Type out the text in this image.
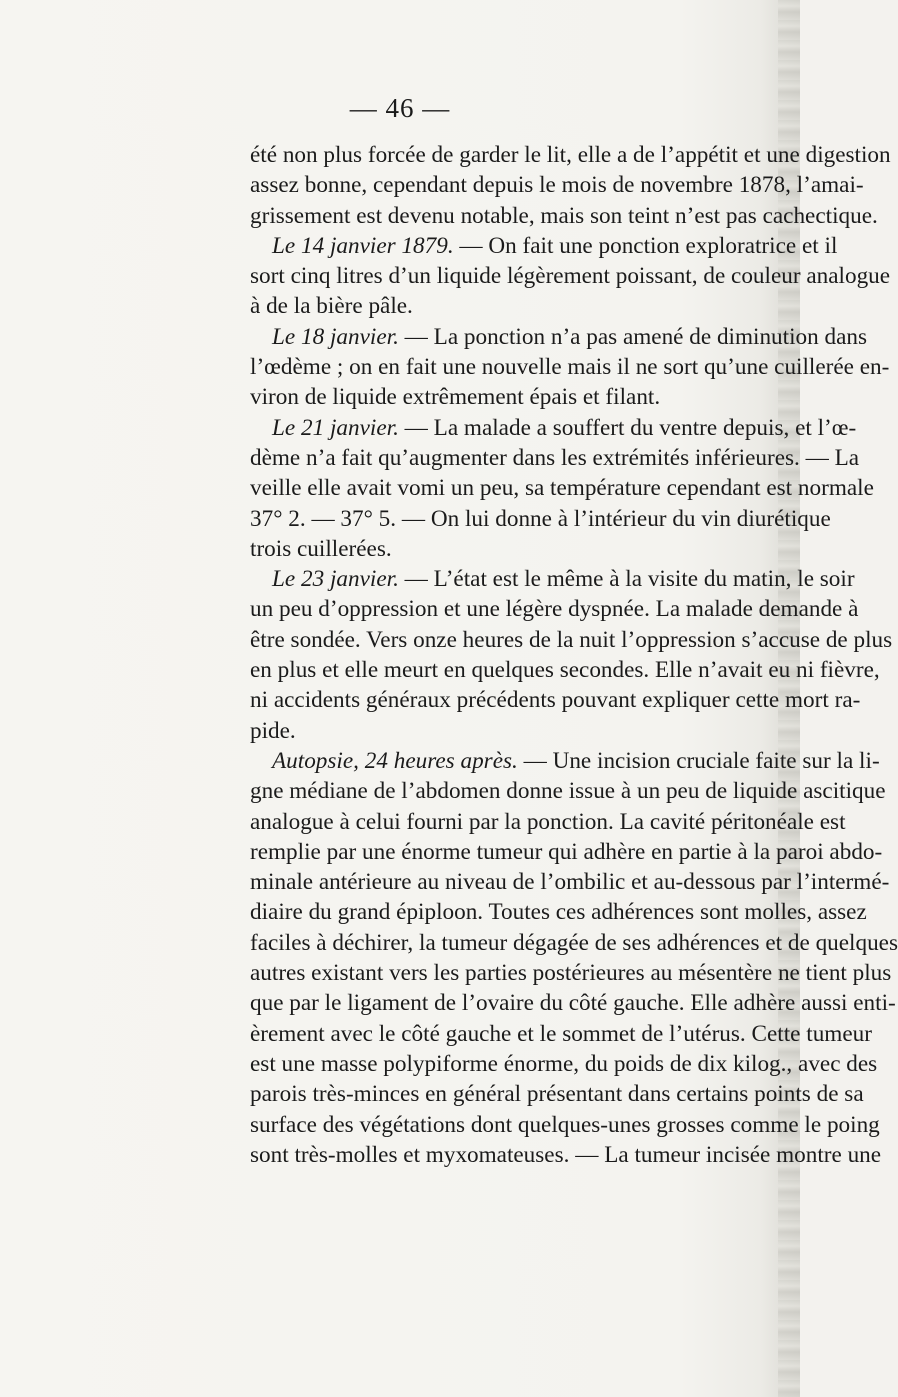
— 46 —
été non plus forcée de garder le lit, elle a de l’appétit et une digestion
assez bonne, cependant depuis le mois de novembre 1878, l’amai-
grissement est devenu notable, mais son teint n’est pas cachectique.
Le 14 janvier 1879. — On fait une ponction exploratrice et il
sort cinq litres d’un liquide légèrement poissant, de couleur analogue
à de la bière pâle.
Le 18 janvier. — La ponction n’a pas amené de diminution dans
l’œdème ; on en fait une nouvelle mais il ne sort qu’une cuillerée en-
viron de liquide extrêmement épais et filant.
Le 21 janvier. — La malade a souffert du ventre depuis, et l’œ-
dème n’a fait qu’augmenter dans les extrémités inférieures. — La
veille elle avait vomi un peu, sa température cependant est normale
37° 2. — 37° 5. — On lui donne à l’intérieur du vin diurétique
trois cuillerées.
Le 23 janvier. — L’état est le même à la visite du matin, le soir
un peu d’oppression et une légère dyspnée. La malade demande à
être sondée. Vers onze heures de la nuit l’oppression s’accuse de plus
en plus et elle meurt en quelques secondes. Elle n’avait eu ni fièvre,
ni accidents généraux précédents pouvant expliquer cette mort ra-
pide.
Autopsie, 24 heures après. — Une incision cruciale faite sur la li-
gne médiane de l’abdomen donne issue à un peu de liquide ascitique
analogue à celui fourni par la ponction. La cavité péritonéale est
remplie par une énorme tumeur qui adhère en partie à la paroi abdo-
minale antérieure au niveau de l’ombilic et au-dessous par l’intermé-
diaire du grand épiploon. Toutes ces adhérences sont molles, assez
faciles à déchirer, la tumeur dégagée de ses adhérences et de quelques
autres existant vers les parties postérieures au mésentère ne tient plus
que par le ligament de l’ovaire du côté gauche. Elle adhère aussi enti-
èrement avec le côté gauche et le sommet de l’utérus. Cette tumeur
est une masse polypiforme énorme, du poids de dix kilog., avec des
parois très-minces en général présentant dans certains points de sa
surface des végétations dont quelques-unes grosses comme le poing
sont très-molles et myxomateuses. — La tumeur incisée montre une
